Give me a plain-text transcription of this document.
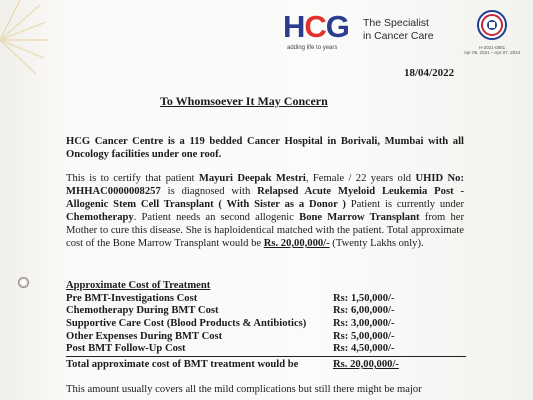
HCG
adding life to years
The Specialist
in Cancer Care
H-2021-0881
Apr 06, 2021 – Apr 07, 2024
18/04/2022
To Whomsoever It May Concern
HCG Cancer Centre is a 119 bedded Cancer Hospital in Borivali, Mumbai with all Oncology facilities under one roof.
This is to certify that patient Mayuri Deepak Mestri, Female / 22 years old UHID No: MHHAC0000008257 is diagnosed with Relapsed Acute Myeloid Leukemia Post - Allogenic Stem Cell Transplant ( With Sister as a Donor ) Patient is currently under Chemotherapy. Patient needs an second allogenic Bone Marrow Transplant from her Mother to cure this disease. She is haploidentical matched with the patient. Total approximate cost of the Bone Marrow Transplant would be Rs. 20,00,000/- (Twenty Lakhs only).
Approximate Cost of Treatment
Pre BMT-Investigations Cost	Rs: 1,50,000/-
Chemotherapy During BMT Cost	Rs: 6,00,000/-
Supportive Care Cost (Blood Products & Antibiotics)	Rs: 3,00,000/-
Other Expenses During BMT Cost	Rs: 5,00,000/-
Post BMT Follow-Up Cost	Rs: 4,50,000/-
Total approximate cost of BMT treatment would be	Rs. 20,00,000/-
This amount usually covers all the mild complications but still there might be major
